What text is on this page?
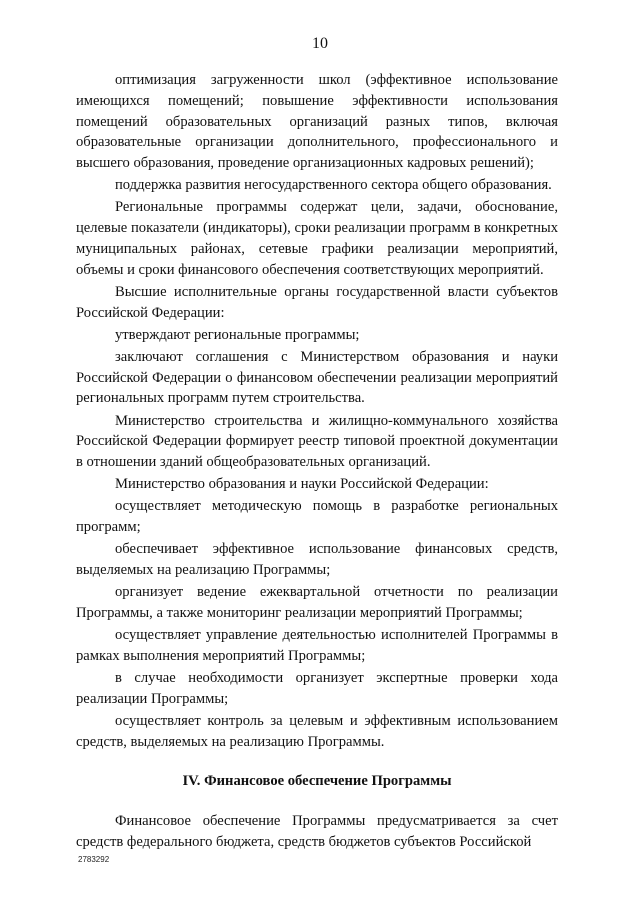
10

оптимизация загруженности школ (эффективное использование имеющихся помещений; повышение эффективности использования помещений образовательных организаций разных типов, включая образовательные организации дополнительного, профессионального и высшего образования, проведение организационных кадровых решений);

поддержка развития негосударственного сектора общего образования.

Региональные программы содержат цели, задачи, обоснование, целевые показатели (индикаторы), сроки реализации программ в конкретных муниципальных районах, сетевые графики реализации мероприятий, объемы и сроки финансового обеспечения соответствующих мероприятий.

Высшие исполнительные органы государственной власти субъектов Российской Федерации:

утверждают региональные программы;

заключают соглашения с Министерством образования и науки Российской Федерации о финансовом обеспечении реализации мероприятий региональных программ путем строительства.

Министерство строительства и жилищно-коммунального хозяйства Российской Федерации формирует реестр типовой проектной документации в отношении зданий общеобразовательных организаций.

Министерство образования и науки Российской Федерации:

осуществляет методическую помощь в разработке региональных программ;

обеспечивает эффективное использование финансовых средств, выделяемых на реализацию Программы;

организует ведение ежеквартальной отчетности по реализации Программы, а также мониторинг реализации мероприятий Программы;

осуществляет управление деятельностью исполнителей Программы в рамках выполнения мероприятий Программы;

в случае необходимости организует экспертные проверки хода реализации Программы;

осуществляет контроль за целевым и эффективным использованием средств, выделяемых на реализацию Программы.

IV. Финансовое обеспечение Программы

Финансовое обеспечение Программы предусматривается за счет средств федерального бюджета, средств бюджетов субъектов Российской

2783292
